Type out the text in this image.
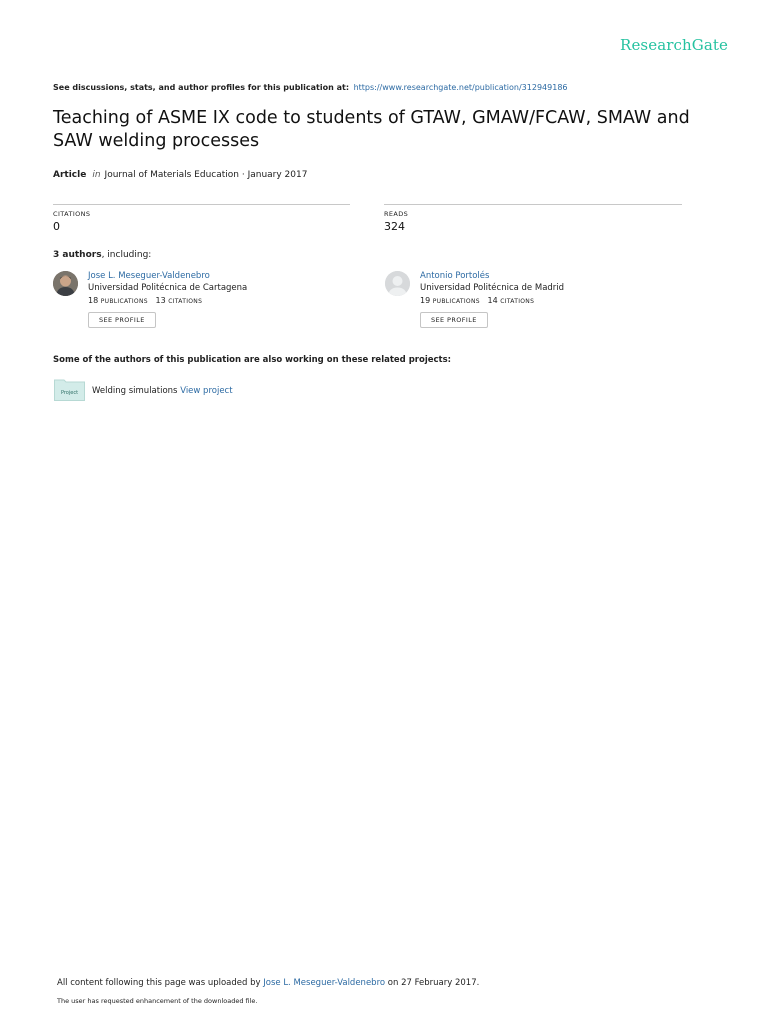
ResearchGate
See discussions, stats, and author profiles for this publication at: https://www.researchgate.net/publication/312949186
Teaching of ASME IX code to students of GTAW, GMAW/FCAW, SMAW and SAW welding processes
Article in Journal of Materials Education · January 2017
CITATIONS
0
READS
324
3 authors, including:
Jose L. Meseguer-Valdenebro
Universidad Politécnica de Cartagena
18 PUBLICATIONS 13 CITATIONS
SEE PROFILE
Antonio Portolés
Universidad Politécnica de Madrid
19 PUBLICATIONS 14 CITATIONS
SEE PROFILE
Some of the authors of this publication are also working on these related projects:
Project Welding simulations View project
All content following this page was uploaded by Jose L. Meseguer-Valdenebro on 27 February 2017.
The user has requested enhancement of the downloaded file.
